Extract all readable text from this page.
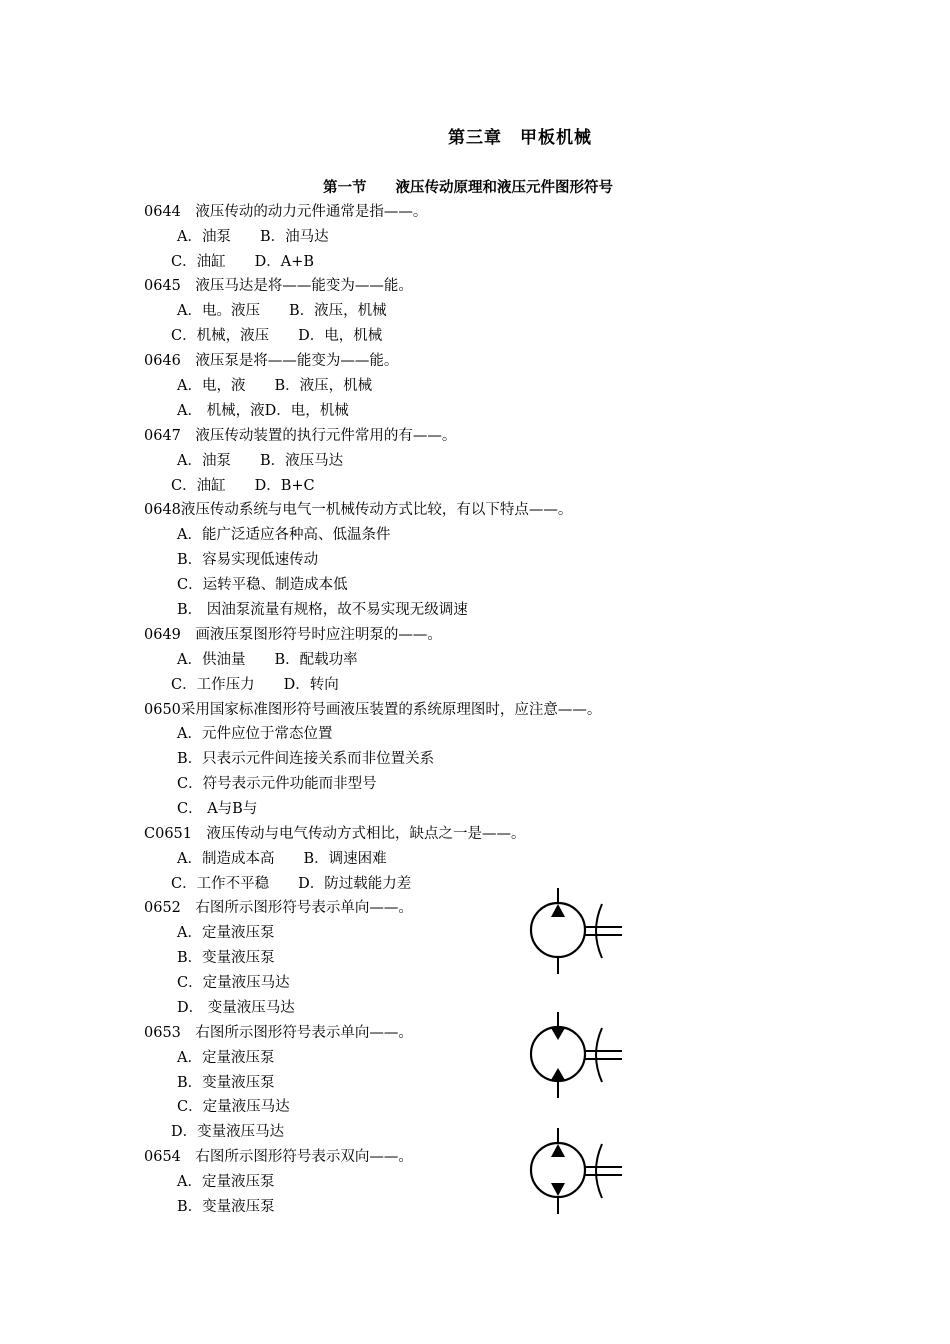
第三章　甲板机械
第一节　　液压传动原理和液压元件图形符号
0644　液压传动的动力元件通常是指——。
A．油泵　　B．油马达
C．油缸　　D．A+B
0645　液压马达是将——能变为——能。
A．电。液压　　B．液压，机械
C．机械，液压　　D．电，机械
0646　液压泵是将——能变为——能。
A．电，液　　B．液压，机械
A． 机械，液D．电，机械
0647　液压传动装置的执行元件常用的有——。
A．油泵　　B．液压马达
C．油缸　　D．B+C
0648液压传动系统与电气一机械传动方式比较，有以下特点——。
A．能广泛适应各种高、低温条件
B．容易实现低速传动
C．运转平稳、制造成本低
B． 因油泵流量有规格，故不易实现无级调速
0649　画液压泵图形符号时应注明泵的——。
A．供油量　　B．配载功率
C．工作压力　　D．转向
0650采用国家标准图形符号画液压装置的系统原理图时，应注意——。
A．元件应位于常态位置
B．只表示元件间连接关系而非位置关系
C．符号表示元件功能而非型号
C． A与B与
C0651　液压传动与电气传动方式相比，缺点之一是——。
A．制造成本高　　B．调速困难
C．工作不平稳　　D．防过载能力差
0652　右图所示图形符号表示单向——。
A．定量液压泵
B．变量液压泵
C．定量液压马达
D． 变量液压马达
0653　右图所示图形符号表示单向——。
A．定量液压泵
B．变量液压泵
C．定量液压马达
D．变量液压马达
0654　右图所示图形符号表示双向——。
A．定量液压泵
B．变量液压泵
